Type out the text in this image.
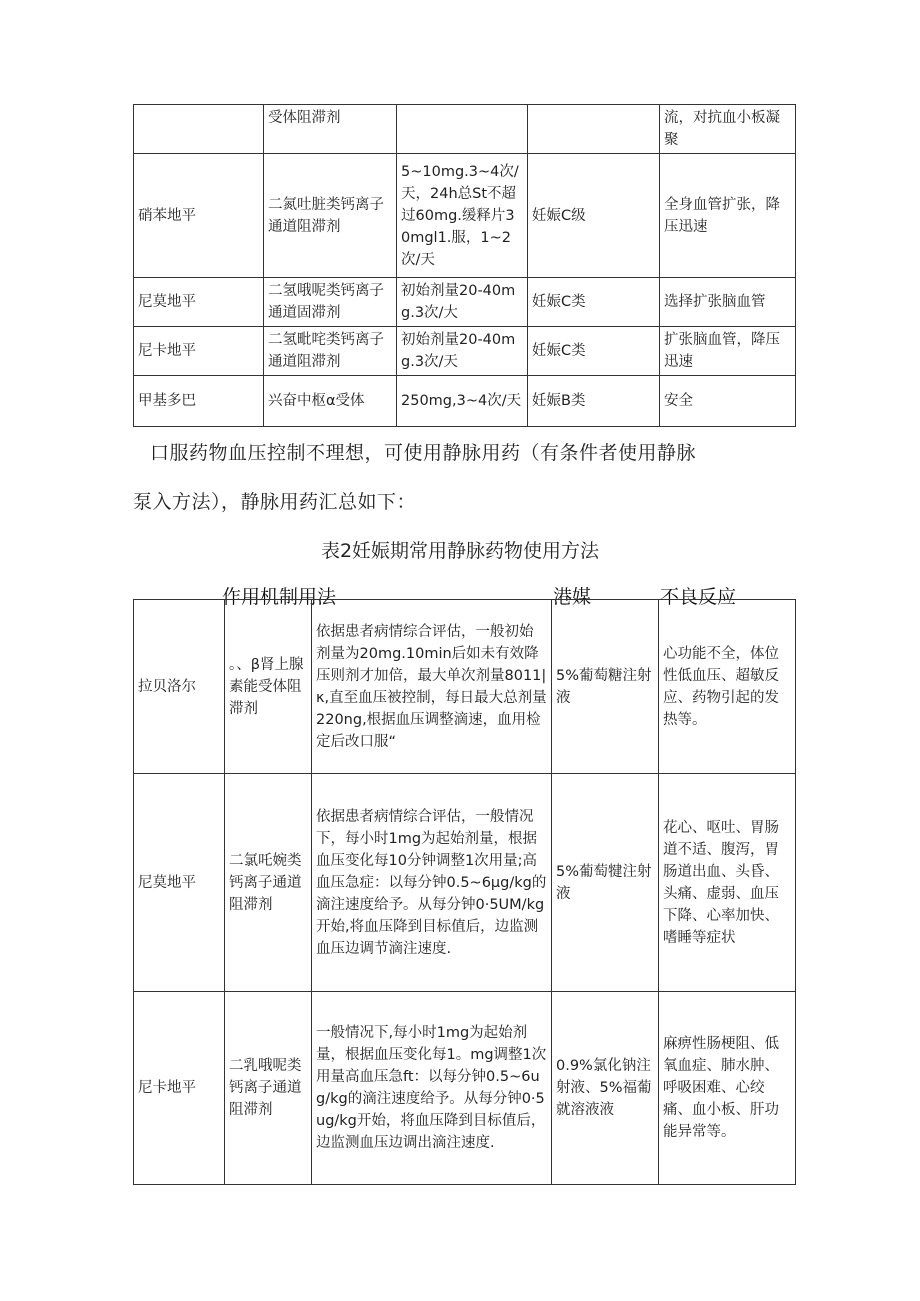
	受体阻滞剂			流，对抗血小板凝聚
硝苯地平	二氮吐脏类钙离子通道阻滞剂	5~10mg.3~4次/天，24h总St不超过60mg.缓释片30mgl1.服，1~2次/天	妊娠C级	全身血管扩张，降压迅速
尼莫地平	二氢哦呢类钙离子通道固滞剂	初始剂量20-40mg.3次/大	妊娠C类	选择扩张脑血管
尼卡地平	二氢毗咤类钙离子通道阻滞剂	初始剂量20-40mg.3次/天	妊娠C类	扩张脑血管，降压迅速
甲基多巴	兴奋中枢α受体	250mg,3~4次/天	妊娠B类	安全
口服药物血压控制不理想，可使用静脉用药（有条件者使用静脉
泵入方法），静脉用药汇总如下：
表2妊娠期常用静脉药物使用方法
作用机制用法	港媒	不良反应
拉贝洛尔	。、β肾上腺素能受体阻滞剂	依据患者病情综合评估，一般初始剂量为20mg.10min后如未有效降压则剂才加倍，最大单次剂量8011|κ,直至血压被控制，每日最大总剂量220ng,根据血压调整滴速，血用检定后改口服“	5%葡萄糖注射液	心功能不全，体位性低血压、超敏反应、药物引起的发热等。
尼莫地平	二氯吒婉类钙离子通道阻滞剂	依据患者病情综合评估，一般情况下，每小时1mg为起始剂量，根据血压变化每10分钟调整1次用量;高血压急症：以每分钟0.5~6μg/kg的滴注速度给予。从每分钟0·5UM/kg开始,将血压降到目标值后，边监测血压边调节滴注速度.	5%葡萄犍注射液	花心、呕吐、胃肠道不适、腹泻，胃肠道出血、头昏、头痛、虚弱、血压下降、心率加快、嗜睡等症状
尼卡地平	二乳哦呢类钙离子通道阻滞剂	一般情况下,每小时1mg为起始剂量，根据血压变化每1。mg调整1次用量高血压急ft：以每分钟0.5~6ug/kg的滴注速度给予。从每分钟0·5ug/kg开始，将血压降到目标值后，边监测血压边调出滴注速度.	0.9%氯化钠注射液、5%福葡就溶液液	麻痹性肠梗阻、低氧血症、肺水肿、呼吸困难、心绞痛、血小板、肝功能异常等。
